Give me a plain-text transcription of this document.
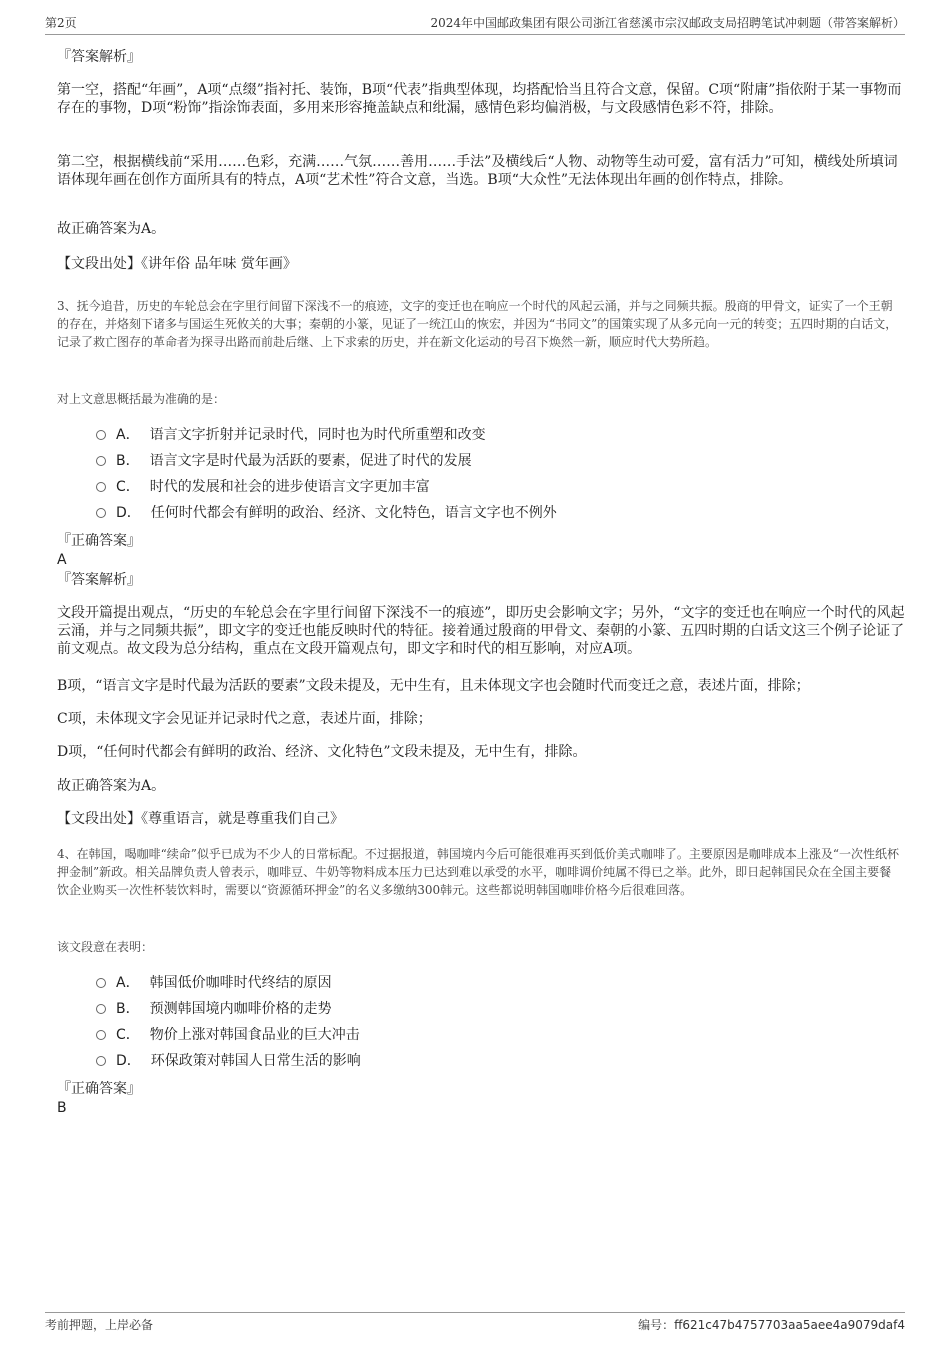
第2页	2024年中国邮政集团有限公司浙江省慈溪市宗汉邮政支局招聘笔试冲刺题（带答案解析）
『答案解析』
第一空，搭配“年画”，A项“点缀”指衬托、装饰，B项“代表”指典型体现，均搭配恰当且符合文意，保留。C项“附庸”指依附于某一事物而存在的事物，D项“粉饰”指涂饰表面，多用来形容掩盖缺点和纰漏，感情色彩均偏消极，与文段感情色彩不符，排除。
第二空，根据横线前“采用……色彩，充满……气氛……善用……手法”及横线后“人物、动物等生动可爱，富有活力”可知，横线处所填词语体现年画在创作方面所具有的特点，A项“艺术性”符合文意，当选。B项“大众性”无法体现出年画的创作特点，排除。
故正确答案为A。
【文段出处】《讲年俗 品年味 赏年画》
3、抚今追昔，历史的车轮总会在字里行间留下深浅不一的痕迹，文字的变迁也在响应一个时代的风起云涌，并与之同频共振。殷商的甲骨文，证实了一个王朝的存在，并烙刻下诸多与国运生死攸关的大事；秦朝的小篆，见证了一统江山的恢宏，并因为“书同文”的国策实现了从多元向一元的转变；五四时期的白话文，记录了救亡图存的革命者为探寻出路而前赴后继、上下求索的历史，并在新文化运动的号召下焕然一新，顺应时代大势所趋。
对上文意思概括最为准确的是：
A． 语言文字折射并记录时代，同时也为时代所重塑和改变
B． 语言文字是时代最为活跃的要素，促进了时代的发展
C． 时代的发展和社会的进步使语言文字更加丰富
D． 任何时代都会有鲜明的政治、经济、文化特色，语言文字也不例外
『正确答案』
A
『答案解析』
文段开篇提出观点，“历史的车轮总会在字里行间留下深浅不一的痕迹”，即历史会影响文字；另外，“文字的变迁也在响应一个时代的风起云涌，并与之同频共振”，即文字的变迁也能反映时代的特征。接着通过殷商的甲骨文、秦朝的小篆、五四时期的白话文这三个例子论证了前文观点。故文段为总分结构，重点在文段开篇观点句，即文字和时代的相互影响，对应A项。
B项，“语言文字是时代最为活跃的要素”文段未提及，无中生有，且未体现文字也会随时代而变迁之意，表述片面，排除；
C项，未体现文字会见证并记录时代之意，表述片面，排除；
D项，“任何时代都会有鲜明的政治、经济、文化特色”文段未提及，无中生有，排除。
故正确答案为A。
【文段出处】《尊重语言，就是尊重我们自己》
4、在韩国，喝咖啡“续命”似乎已成为不少人的日常标配。不过据报道，韩国境内今后可能很难再买到低价美式咖啡了。主要原因是咖啡成本上涨及“一次性纸杯押金制”新政。相关品牌负责人曾表示，咖啡豆、牛奶等物料成本压力已达到难以承受的水平，咖啡调价纯属不得已之举。此外，即日起韩国民众在全国主要餐饮企业购买一次性杯装饮料时，需要以“资源循环押金”的名义多缴纳300韩元。这些都说明韩国咖啡价格今后很难回落。
该文段意在表明：
A． 韩国低价咖啡时代终结的原因
B． 预测韩国境内咖啡价格的走势
C． 物价上涨对韩国食品业的巨大冲击
D． 环保政策对韩国人日常生活的影响
『正确答案』
B
考前押题，上岸必备	编号：ff621c47b4757703aa5aee4a9079daf4
